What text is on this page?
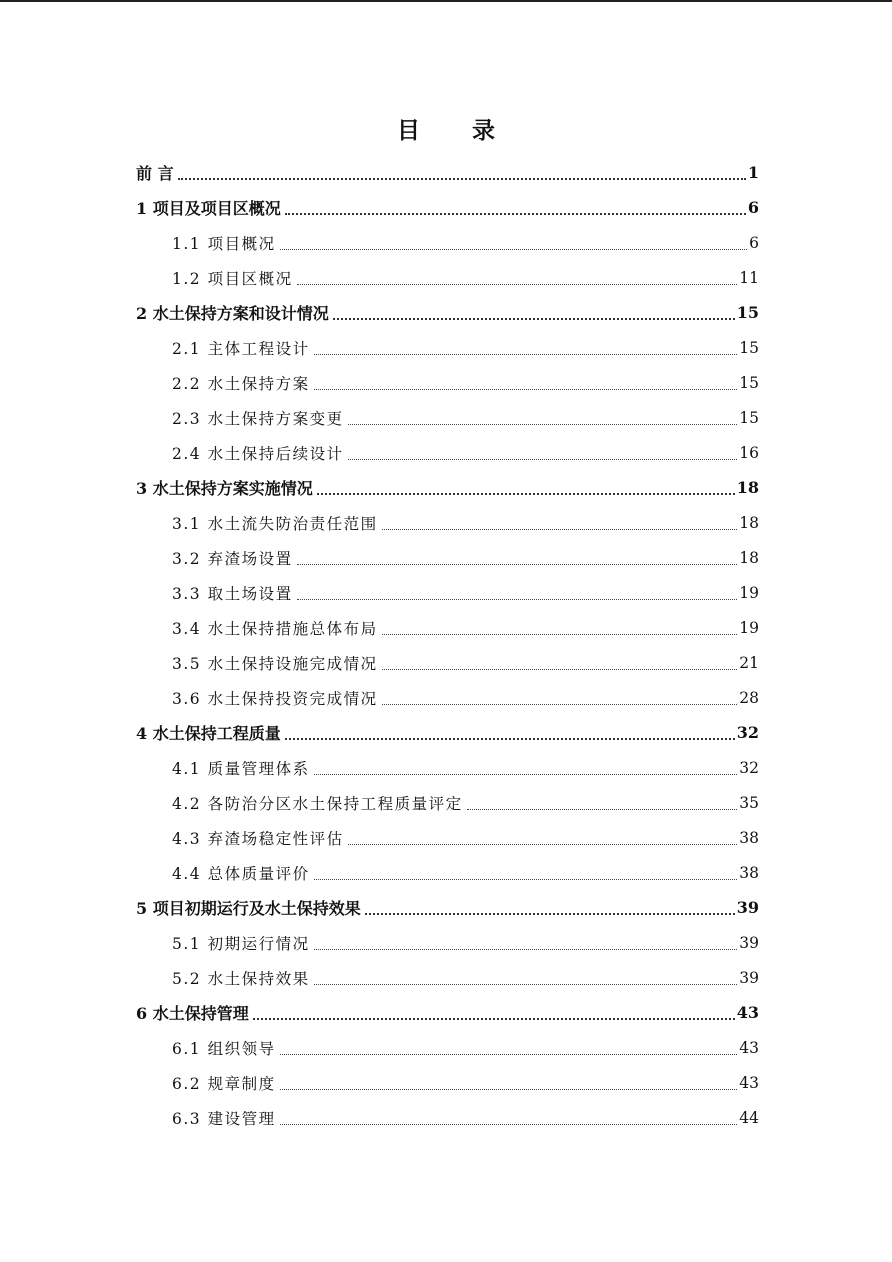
目 录
前 言	1
1 项目及项目区概况	6
1.1 项目概况	6
1.2 项目区概况	11
2 水土保持方案和设计情况	15
2.1 主体工程设计	15
2.2 水土保持方案	15
2.3 水土保持方案变更	15
2.4 水土保持后续设计	16
3 水土保持方案实施情况	18
3.1 水土流失防治责任范围	18
3.2 弃渣场设置	18
3.3 取土场设置	19
3.4 水土保持措施总体布局	19
3.5 水土保持设施完成情况	21
3.6 水土保持投资完成情况	28
4 水土保持工程质量	32
4.1 质量管理体系	32
4.2 各防治分区水土保持工程质量评定	35
4.3 弃渣场稳定性评估	38
4.4 总体质量评价	38
5 项目初期运行及水土保持效果	39
5.1 初期运行情况	39
5.2 水土保持效果	39
6 水土保持管理	43
6.1 组织领导	43
6.2 规章制度	43
6.3 建设管理	44
